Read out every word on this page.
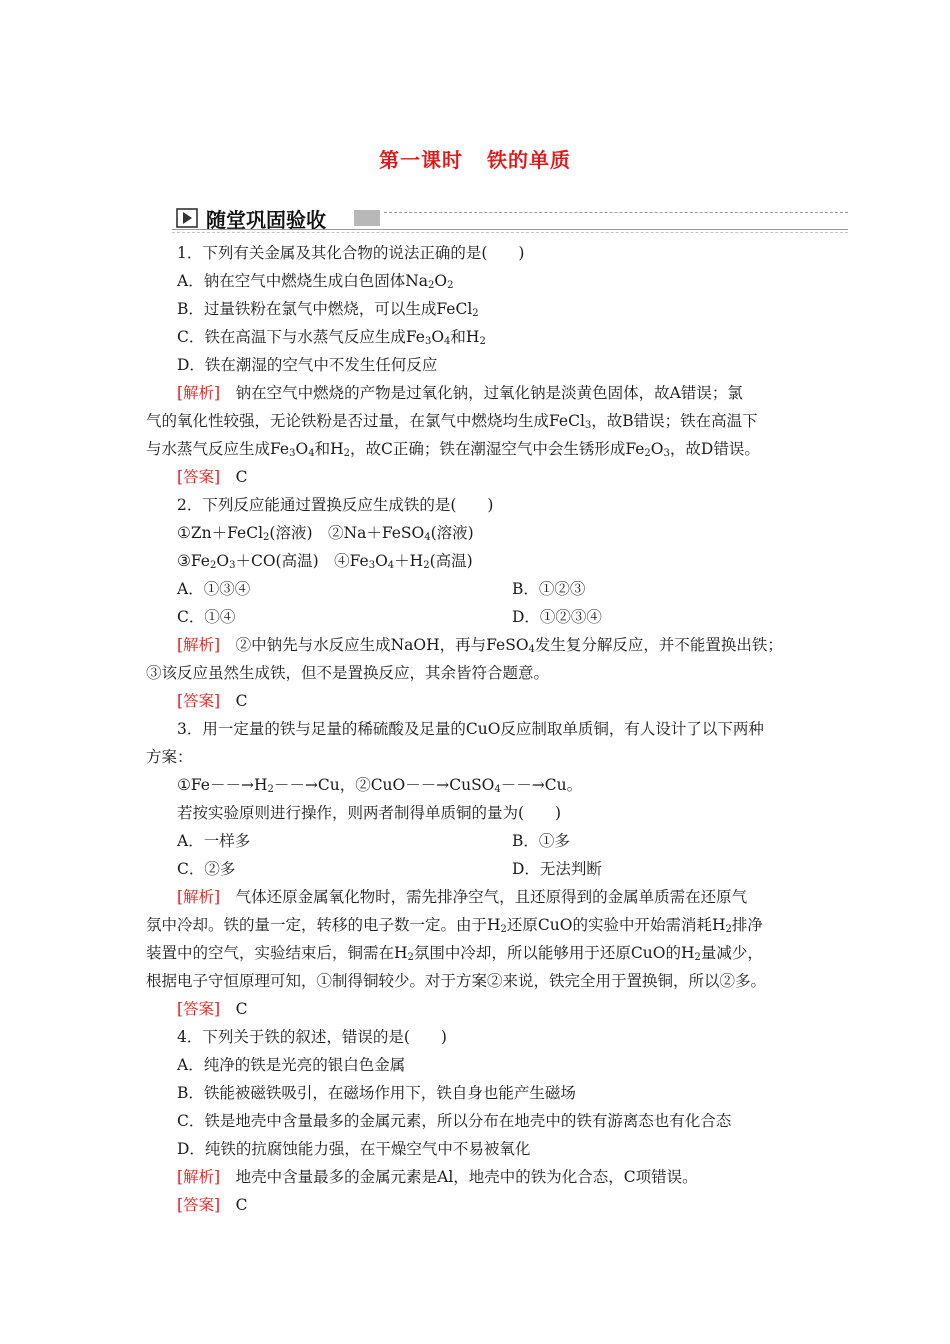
第一课时 铁的单质
随堂巩固验收
1．下列有关金属及其化合物的说法正确的是(　　)
A．钠在空气中燃烧生成白色固体$Na_2O_2$
B．过量铁粉在氯气中燃烧，可以生成FeCl$_2$
C．铁在高温下与水蒸气反应生成$Fe_3O_4$和$H_2$
D．铁在潮湿的空气中不发生任何反应
[解析]　 钠在空气中燃烧的产物是过氧化钠，过氧化钠是淡黄色固体，故A错误；氯
气的氧化性较强，无论铁粉是否过量，在氯气中燃烧均生成FeCl$_3$，故B错误；铁在高温下
与水蒸气反应生成$Fe_3O_4$和$H_2$，故C正确；铁在潮湿空气中会生锈形成$Fe_2O_3$，故D错误。
[答案]　 C
2．下列反应能通过置换反应生成铁的是(　　)
①Zn＋FeCl$_2$(溶液)　②Na＋FeSO$_4$(溶液)
$③Fe_2O_3+CO$(高温)　$④Fe_3O_4+H_2$(高温)
A．①③④	B．①②③
C．①④	D．①②③④
[解析]　②中钠先与水反应生成NaOH，再与FeSO$_4$发生复分解反应，并不能置换出铁；
③该反应虽然生成铁，但不是置换反应，其余皆符合题意。
[答案]　 C
3．用一定量的铁与足量的稀硫酸及足量的CuO反应制取单质铜，有人设计了以下两种
方案：
$①Fe--\to H_2--\to Cu$，②CuO－－→CuSO$_4$－－→Cu。
若按实验原则进行操作，则两者制得单质铜的量为(　　)
A．一样多	B．①多
C．②多	D．无法判断
[解析]　 气体还原金属氧化物时，需先排净空气，且还原得到的金属单质需在还原气
氛中冷却。铁的量一定，转移的电子数一定。由于$H_2$还原CuO的实验中开始需消耗$H_2$排净
装置中的空气，实验结束后，铜需在$H_2$氛围中冷却，所以能够用于还原CuO的$H_2$量减少，
根据电子守恒原理可知，①制得铜较少。对于方案②来说，铁完全用于置换铜，所以②多。
[答案]　 C
4．下列关于铁的叙述，错误的是(　　)
A．纯净的铁是光亮的银白色金属
B．铁能被磁铁吸引，在磁场作用下，铁自身也能产生磁场
C．铁是地壳中含量最多的金属元素，所以分布在地壳中的铁有游离态也有化合态
D．纯铁的抗腐蚀能力强，在干燥空气中不易被氧化
[解析]　 地壳中含量最多的金属元素是Al，地壳中的铁为化合态，C项错误。
[答案]　 C
